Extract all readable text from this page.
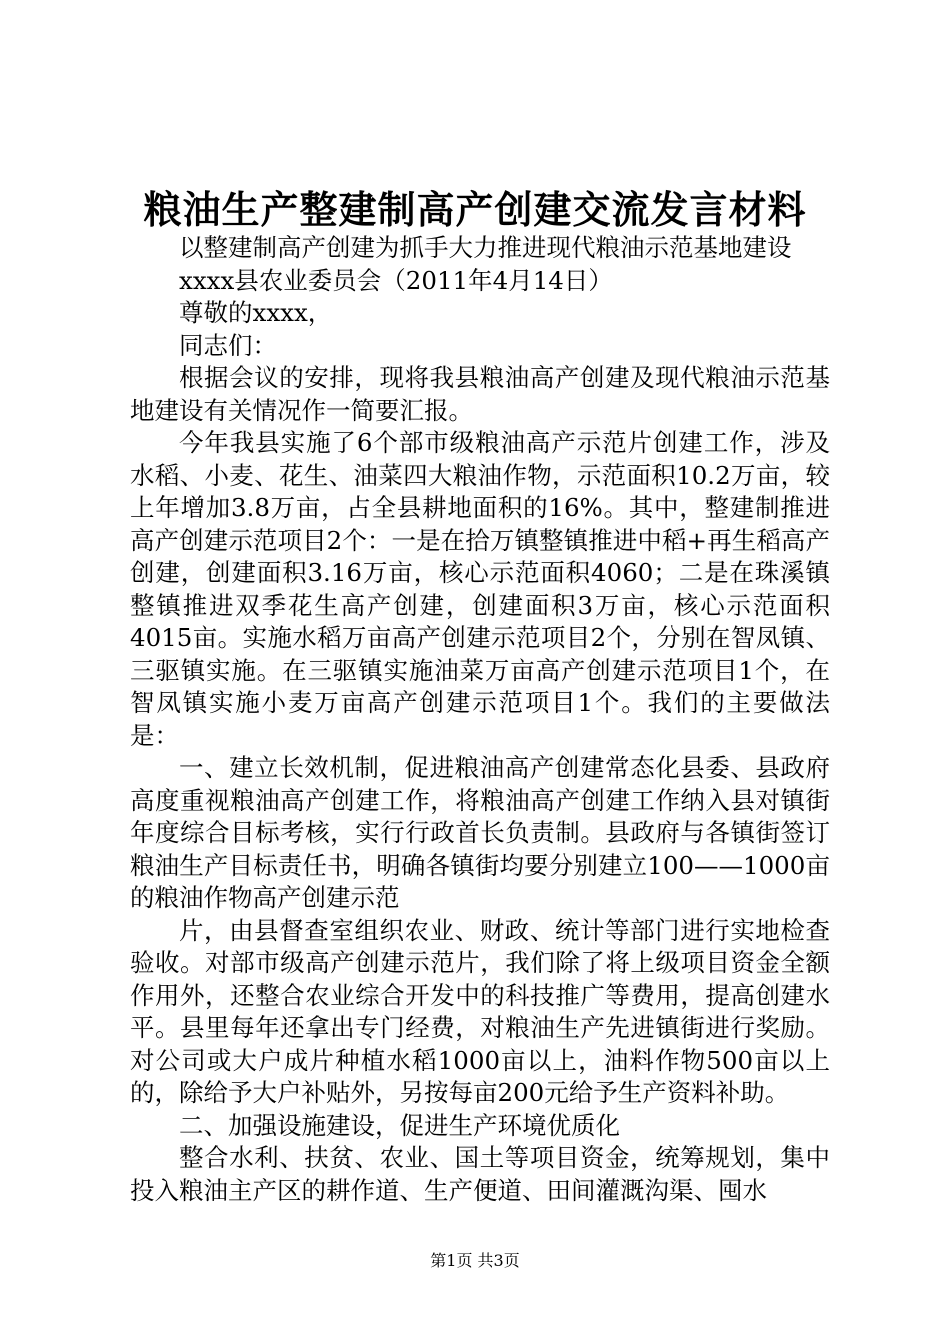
粮油生产整建制高产创建交流发言材料

以整建制高产创建为抓手大力推进现代粮油示范基地建设

xxxx县农业委员会（2011年4月14日）

尊敬的xxxx，

同志们：

根据会议的安排，现将我县粮油高产创建及现代粮油示范基地建设有关情况作一简要汇报。

今年我县实施了6个部市级粮油高产示范片创建工作，涉及水稻、小麦、花生、油菜四大粮油作物，示范面积10.2万亩，较上年增加3.8万亩，占全县耕地面积的16%。其中，整建制推进高产创建示范项目2个：一是在拾万镇整镇推进中稻+再生稻高产创建，创建面积3.16万亩，核心示范面积4060；二是在珠溪镇整镇推进双季花生高产创建，创建面积3万亩，核心示范面积4015亩。实施水稻万亩高产创建示范项目2个，分别在智凤镇、三驱镇实施。在三驱镇实施油菜万亩高产创建示范项目1个，在智凤镇实施小麦万亩高产创建示范项目1个。我们的主要做法是：

一、建立长效机制，促进粮油高产创建常态化县委、县政府高度重视粮油高产创建工作，将粮油高产创建工作纳入县对镇街年度综合目标考核，实行行政首长负责制。县政府与各镇街签订粮油生产目标责任书，明确各镇街均要分别建立100——1000亩的粮油作物高产创建示范

片，由县督查室组织农业、财政、统计等部门进行实地检查验收。对部市级高产创建示范片，我们除了将上级项目资金全额作用外，还整合农业综合开发中的科技推广等费用，提高创建水平。县里每年还拿出专门经费，对粮油生产先进镇街进行奖励。对公司或大户成片种植水稻1000亩以上，油料作物500亩以上的，除给予大户补贴外，另按每亩200元给予生产资料补助。

二、加强设施建设，促进生产环境优质化

整合水利、扶贫、农业、国土等项目资金，统筹规划，集中投入粮油主产区的耕作道、生产便道、田间灌溉沟渠、囤水

第1页 共3页
